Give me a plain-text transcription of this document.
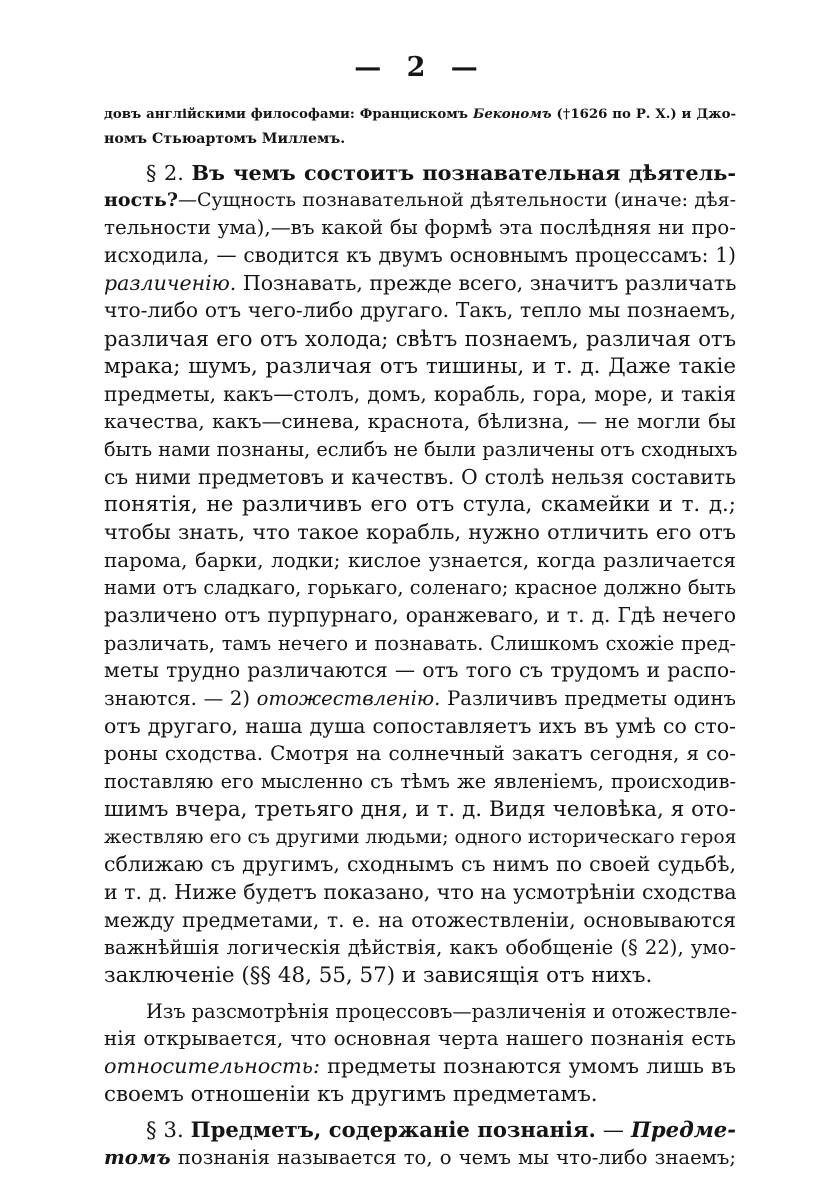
— 2 —
довъ англійскими философами: Францискомъ Бекономъ (†1626 по Р. Х.) и Джо-
номъ Стьюартомъ Миллемъ.
§ 2. Въ чемъ состоитъ познавательная дѣятель-
ность?—Сущность познавательной дѣятельности (иначе: дѣя-
тельности ума),—въ какой бы формѣ эта послѣдняя ни про-
исходила, — сводится къ двумъ основнымъ процессамъ: 1)
различенію. Познавать, прежде всего, значитъ различать
что-либо отъ чего-либо другаго. Такъ, тепло мы познаемъ,
различая его отъ холода; свѣтъ познаемъ, различая отъ
мрака; шумъ, различая отъ тишины, и т. д. Даже такіе
предметы, какъ—столъ, домъ, корабль, гора, море, и такія
качества, какъ—синева, краснота, бѣлизна, — не могли бы
быть нами познаны, еслибъ не были различены отъ сходныхъ
съ ними предметовъ и качествъ. О столѣ нельзя составить
понятія, не различивъ его отъ стула, скамейки и т. д.;
чтобы знать, что такое корабль, нужно отличить его отъ
парома, барки, лодки; кислое узнается, когда различается
нами отъ сладкаго, горькаго, соленаго; красное должно быть
различено отъ пурпурнаго, оранжеваго, и т. д. Гдѣ нечего
различать, тамъ нечего и познавать. Слишкомъ схожіе пред-
меты трудно различаются — отъ того съ трудомъ и распо-
знаются. — 2) отожествленію. Различивъ предметы одинъ
отъ другаго, наша душа сопоставляетъ ихъ въ умѣ со сто-
роны сходства. Смотря на солнечный закатъ сегодня, я со-
поставляю его мысленно съ тѣмъ же явленіемъ, происходив-
шимъ вчера, третьяго дня, и т. д. Видя человѣка, я ото-
жествляю его съ другими людьми; одного историческаго героя
сближаю съ другимъ, сходнымъ съ нимъ по своей судьбѣ,
и т. д. Ниже будетъ показано, что на усмотрѣніи сходства
между предметами, т. е. на отожествленіи, основываются
важнѣйшія логическія дѣйствія, какъ обобщеніе (§ 22), умо-
заключеніе (§§ 48, 55, 57) и зависящія отъ нихъ.
Изъ разсмотрѣнія процессовъ—различенія и отожествле-
нія открывается, что основная черта нашего познанія есть
относительность: предметы познаются умомъ лишь въ
своемъ отношеніи къ другимъ предметамъ.
§ 3. Предметъ, содержаніе познанія. — Предме-
томъ познанія называется то, о чемъ мы что-либо знаемъ;
